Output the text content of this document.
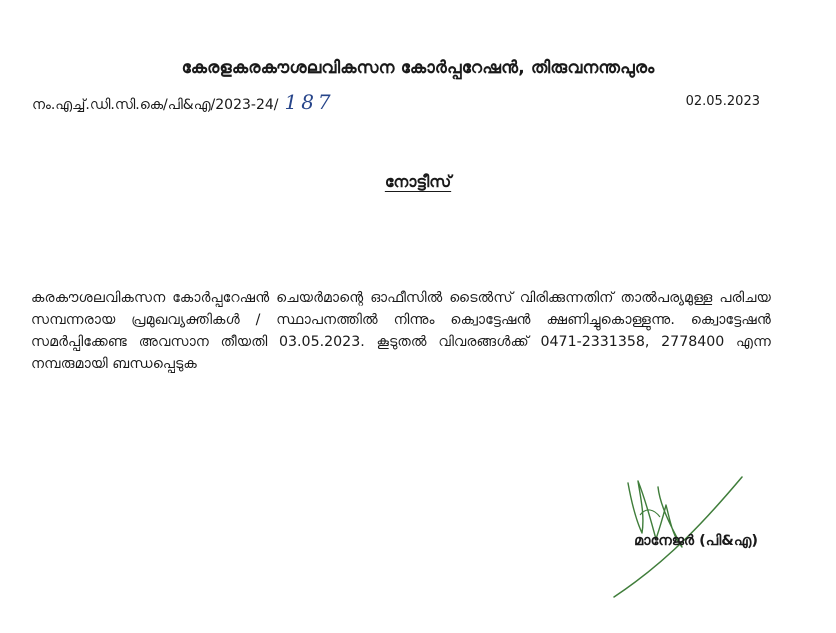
കേരളകരകൗശലവികസന കോർപ്പറേഷൻ, തിരുവനന്തപുരം
നം.എച്ച്.ഡി.സി.കെ/പി&എ/2023-24/ 187	02.05.2023
നോട്ടീസ്
കരകൗശലവികസന കോർപ്പറേഷൻ ചെയർമാന്റെ ഓഫീസിൽ ടൈൽസ് വിരിക്കുന്നതിന് താൽപര്യമുള്ള പരിചയ സമ്പന്നരായ പ്രമുഖവ്യക്തികൾ / സ്ഥാപനത്തിൽ നിന്നും ക്വൊട്ടേഷൻ ക്ഷണിച്ചുകൊള്ളുന്നു. ക്വൊട്ടേഷൻ സമർപ്പിക്കേണ്ട അവസാന തീയതി 03.05.2023. കൂടുതൽ വിവരങ്ങൾക്ക് 0471-2331358, 2778400 എന്ന നമ്പരുമായി ബന്ധപ്പെടുക
മാനേജർ (പി&എ)
